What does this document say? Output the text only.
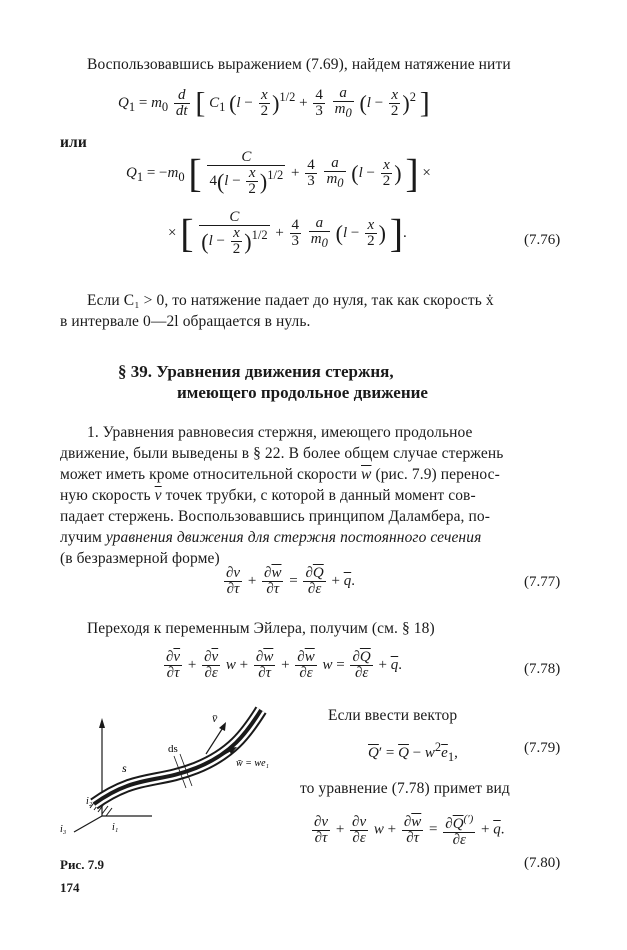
Воспользовавшись выражением (7.69), найдем натяжение нити
$Q_1 = m_0 \frac{d}{dt}$ [ $C_1$ $(l - \frac{x}{2} )^{1/2} + \frac{4}{3}$
$\frac{a}{m_0} (l - \frac{x}{2} )^2$ ]
или
$Q_1 = -m_0$ [ $\frac{C}{4(l - \frac{x}{2} )^{1/2}} + \frac{4}{3}$
$\frac{a}{m_0} (l - \frac{x}{2}$ ) ] ×
× [ $\frac{C}{(l - \frac{x}{2} )^{1/2}} + \frac{4}{3}$
$\frac{a}{m_0} (l - \frac{x}{2}$ ) ].	(7.76)
Если C₁ > 0, то натяжение падает до нуля, так как скорость ẋ
в интервале 0—2l обращается в нуль.
§ 39. Уравнения движения стержня,
имеющего продольное движение
1. Уравнения равновесия стержня, имеющего продольное
движение, были выведены в § 22. В более общем случае стержень
может иметь кроме относительной скорости $\overline{w}$ (рис. 7.9) перенос-
ную скорость $\overline{v}$ точек трубки, с которой в данный момент сов-
падает стержень. Воспользовавшись принципом Даламбера, по-
лучим уравнения движения для стержня постоянного сечения
(в безразмерной форме)
$\frac{\partial v}{\partial\tau} + \frac{\partial\overline{w}}{\partial\tau} = \frac{\partial\overline{Q}}{\partial\varepsilon} + \overline{q}$.	(7.77)
Переходя к переменным Эйлера, получим (см. § 18)
$\frac{\partial\overline{v}}{\partial\tau} + \frac{\partial\overline{v}}{\partial\varepsilon}$ $w + \frac{\partial\overline{w}}{\partial\tau} + \frac{\partial\overline{w}}{\partial\varepsilon}$ $w = \frac{\partial\overline{Q}}{\partial\varepsilon} + \overline{q}$.	(7.78)
v̄
ds
s	w̄ = we₁
i₁
i₂
i₃
Если ввести вектор
$\overline{Q}' = \overline{Q} - w^2\overline{e}_1$,	(7.79)
то уравнение (7.78) примет вид
$\frac{\partial v}{\partial\tau} + \frac{\partial v}{\partial\varepsilon}$ $w + \frac{\partial\overline{w}}{\partial\tau} = \frac{\partial\overline{Q}^{(')}}{\partial\varepsilon} + \overline{q}$.
(7.80)
Рис. 7.9
174
